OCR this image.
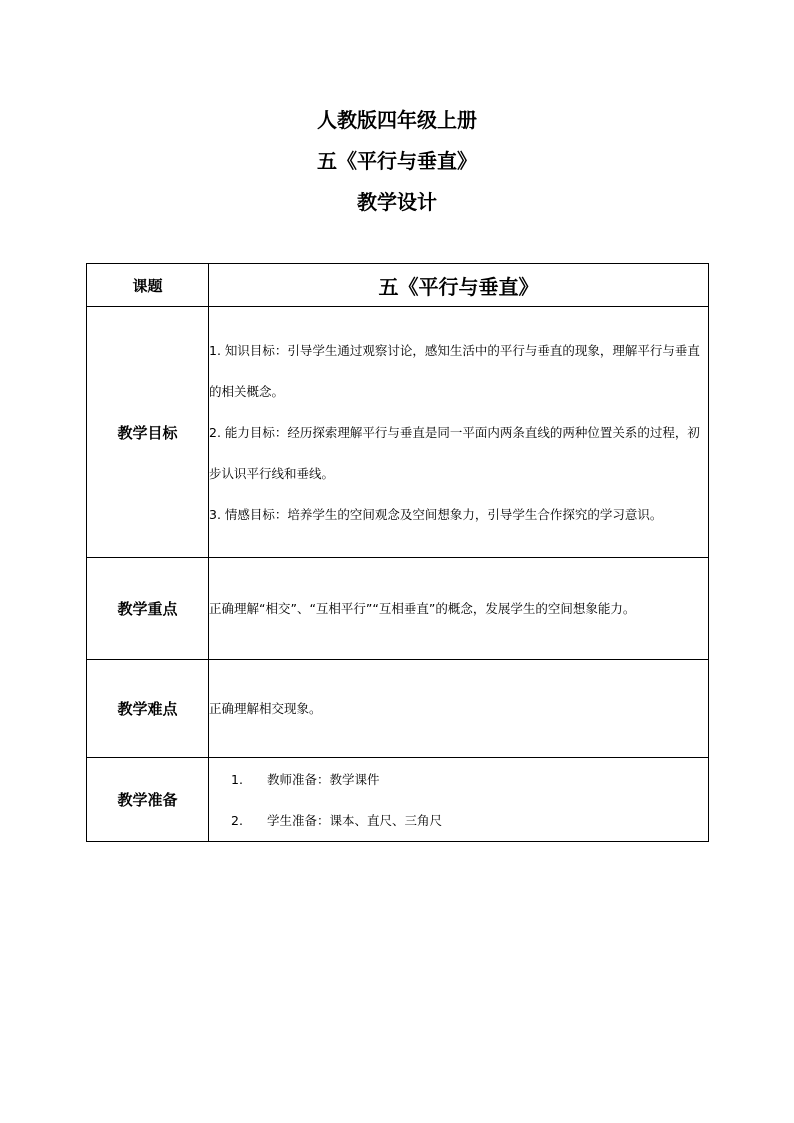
人教版四年级上册

五《平行与垂直》

教学设计

课题	五《平行与垂直》
教学目标	1. 知识目标：引导学生通过观察讨论，感知生活中的平行与垂直的现象，理解平行与垂直的相关概念。

2. 能力目标：经历探索理解平行与垂直是同一平面内两条直线的两种位置关系的过程，初步认识平行线和垂线。

3. 情感目标：培养学生的空间观念及空间想象力，引导学生合作探究的学习意识。

教学重点	正确理解“相交”、“互相平行”“互相垂直”的概念，发展学生的空间想象能力。

教学难点	正确理解相交现象。

教学准备	1. 教师准备：教学课件
2. 学生准备：课本、直尺、三角尺
